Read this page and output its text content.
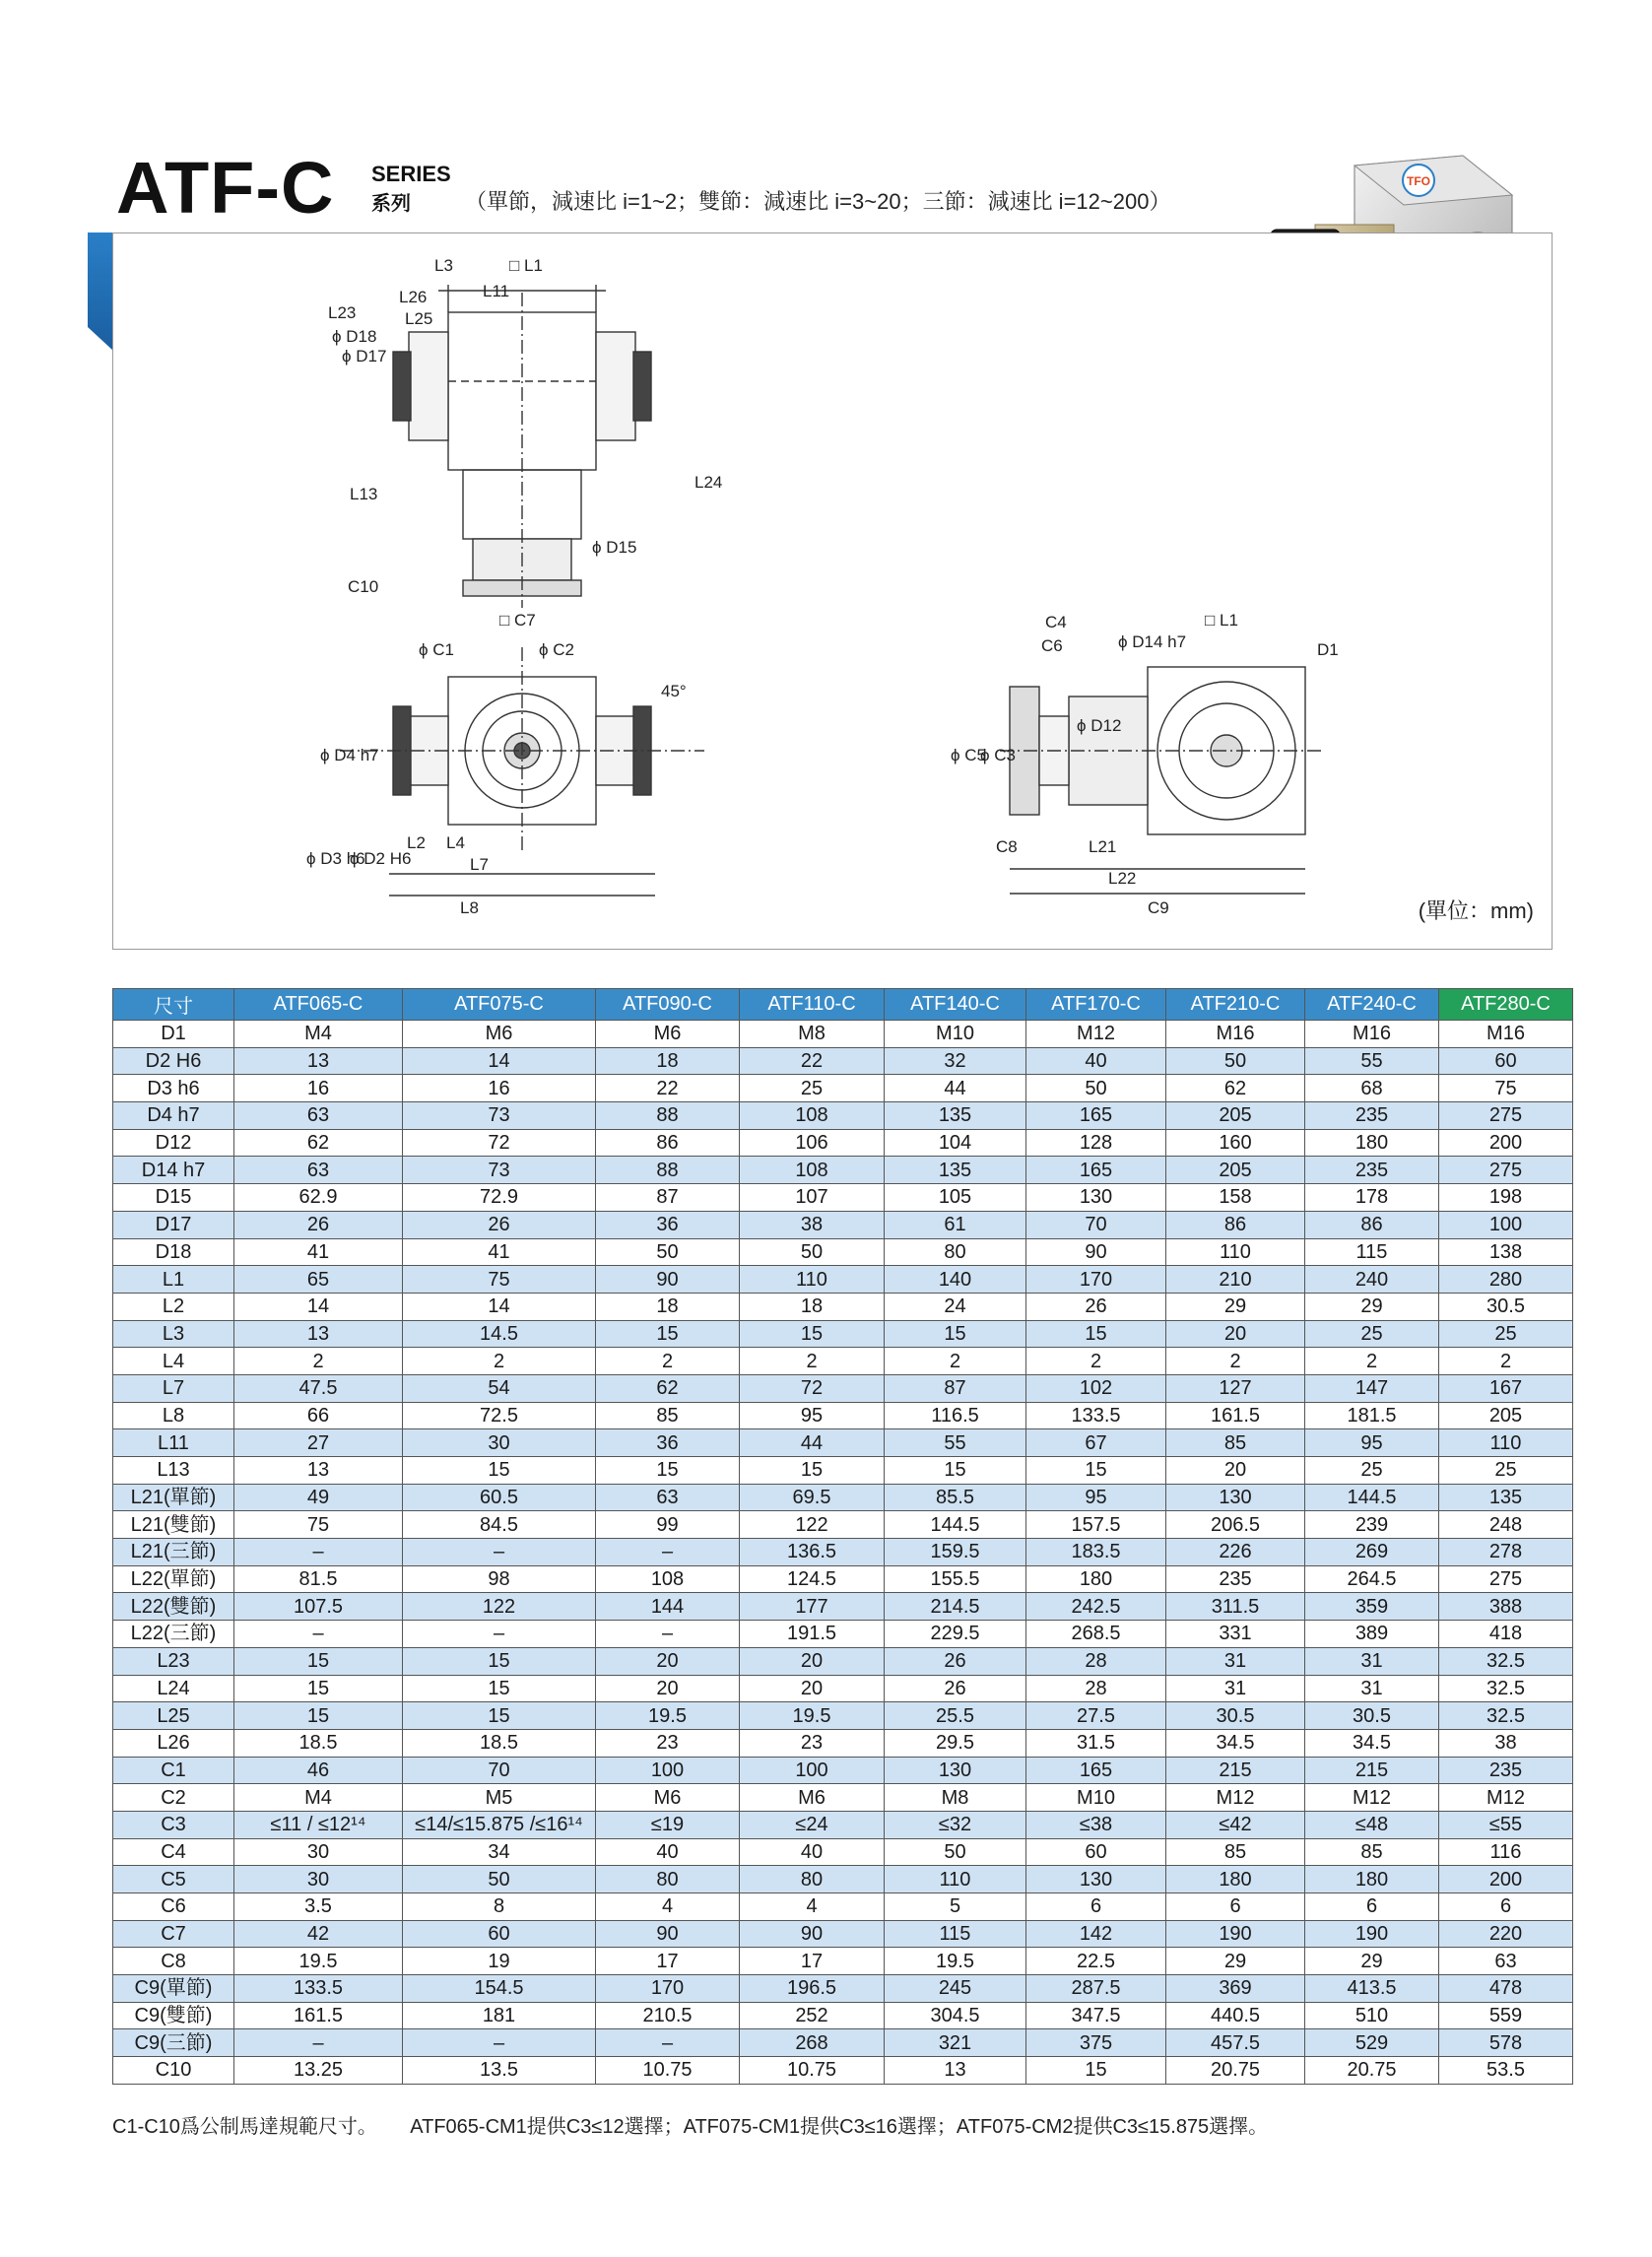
ATF-C SERIES
系列	（單節，減速比 i=1~2；雙節：減速比 i=3~20；三節：減速比 i=12~200）
TFO
□ L1
L3
L11
L23
L26
L25
L24
L13
C10
ϕ D15
ϕ D17
ϕ D18
□ C7
ϕ C1	ϕ C2
45°
ϕ D4 h7
ϕ D3 h6
ϕ D2 H6
L2 L4
L7
L8
C4
C6	ϕ D14 h7
□ L1
D1
ϕ C5
ϕ C3
ϕ D12
C8	L21
L22
C9	(單位：mm)
尺寸	ATF065-C	ATF075-C	ATF090-C	ATF110-C	ATF140-C	ATF170-C	ATF210-C	ATF240-C	ATF280-C
D1	M4	M6	M6	M8	M10	M12	M16	M16	M16
D2 H6	13	14	18	22	32	40	50	55	60
D3 h6	16	16	22	25	44	50	62	68	75
D4 h7	63	73	88	108	135	165	205	235	275
D12	62	72	86	106	104	128	160	180	200
D14 h7	63	73	88	108	135	165	205	235	275
D15	62.9	72.9	87	107	105	130	158	178	198
D17	26	26	36	38	61	70	86	86	100
D18	41	41	50	50	80	90	110	115	138
L1	65	75	90	110	140	170	210	240	280
L2	14	14	18	18	24	26	29	29	30.5
L3	13	14.5	15	15	15	15	20	25	25
L4	2	2	2	2	2	2	2	2	2
L7	47.5	54	62	72	87	102	127	147	167
L8	66	72.5	85	95	116.5	133.5	161.5	181.5	205
L11	27	30	36	44	55	67	85	95	110
L13	13	15	15	15	15	15	20	25	25
L21(單節)	49	60.5	63	69.5	85.5	95	130	144.5	135
L21(雙節)	75	84.5	99	122	144.5	157.5	206.5	239	248
L21(三節)	–	–	–	136.5	159.5	183.5	226	269	278
L22(單節)	81.5	98	108	124.5	155.5	180	235	264.5	275
L22(雙節)	107.5	122	144	177	214.5	242.5	311.5	359	388
L22(三節)	–	–	–	191.5	229.5	268.5	331	389	418
L23	15	15	20	20	26	28	31	31	32.5
L24	15	15	20	20	26	28	31	31	32.5
L25	15	15	19.5	19.5	25.5	27.5	30.5	30.5	32.5
L26	18.5	18.5	23	23	29.5	31.5	34.5	34.5	38
C1	46	70	100	100	130	165	215	215	235
C2	M4	M5	M6	M6	M8	M10	M12	M12	M12
C3	≤11 / ≤12¹⁴	≤14/≤15.875 /≤16¹⁴	≤19	≤24	≤32	≤38	≤42	≤48	≤55
C4	30	34	40	40	50	60	85	85	116
C5	30	50	80	80	110	130	180	180	200
C6	3.5	8	4	4	5	6	6	6	6
C7	42	60	90	90	115	142	190	190	220
C8	19.5	19	17	17	19.5	22.5	29	29	63
C9(單節)	133.5	154.5	170	196.5	245	287.5	369	413.5	478
C9(雙節)	161.5	181	210.5	252	304.5	347.5	440.5	510	559
C9(三節)	–	–	–	268	321	375	457.5	529	578
C10	13.25	13.5	10.75	10.75	13	15	20.75	20.75	53.5
C1-C10爲公制馬達規範尺寸。      ATF065-CM1提供C3≤12選擇；ATF075-CM1提供C3≤16選擇；ATF075-CM2提供C3≤15.875選擇。
